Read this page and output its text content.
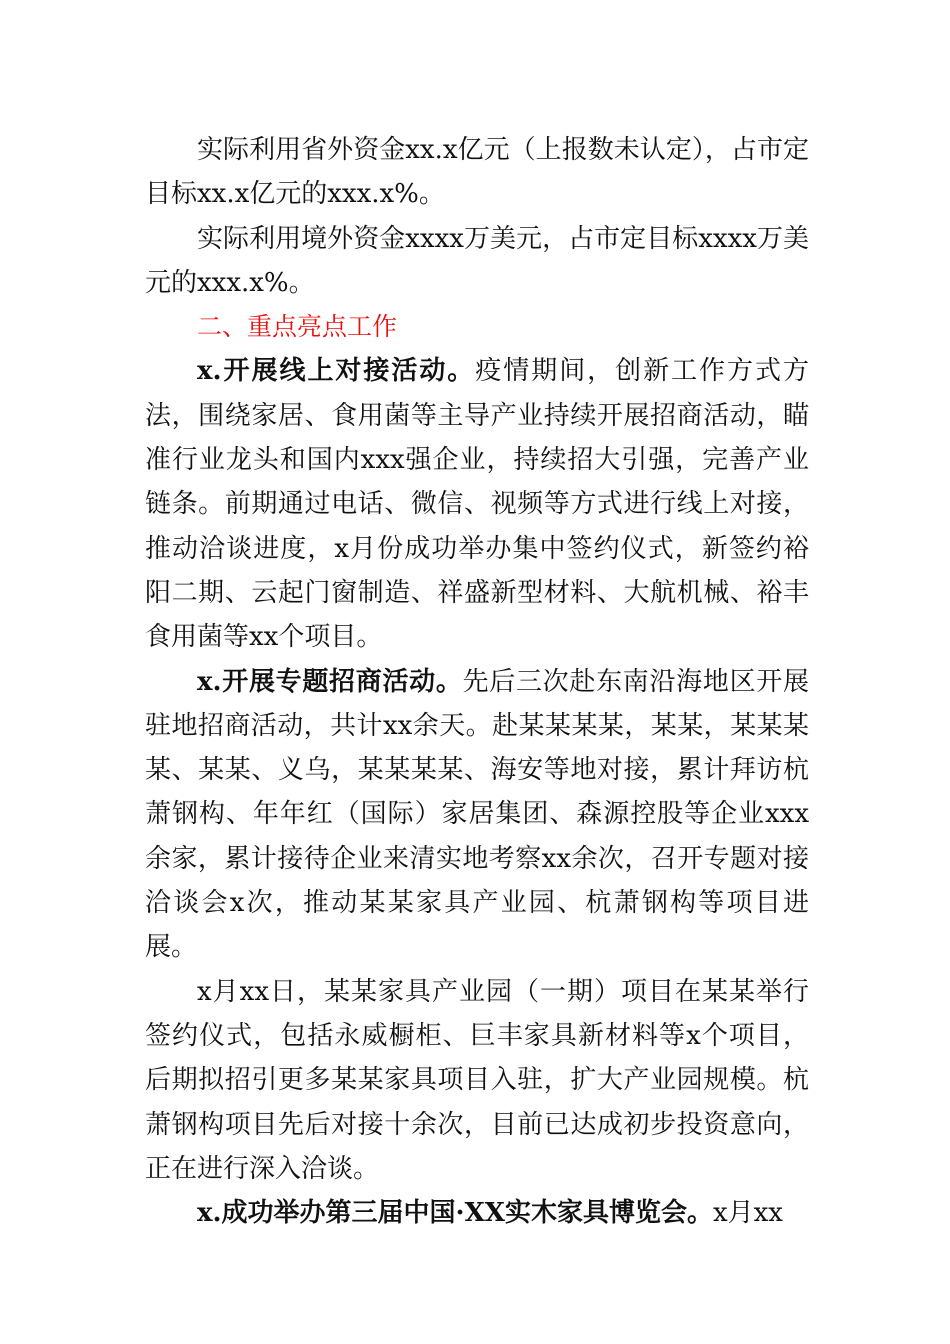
实际利用省外资金xx.x亿元（上报数未认定），占市定目标xx.x亿元的xxx.x%。

实际利用境外资金xxxx万美元，占市定目标xxxx万美元的xxx.x%。

二、重点亮点工作

x.开展线上对接活动。疫情期间，创新工作方式方法，围绕家居、食用菌等主导产业持续开展招商活动，瞄准行业龙头和国内xxx强企业，持续招大引强，完善产业链条。前期通过电话、微信、视频等方式进行线上对接，推动洽谈进度，x月份成功举办集中签约仪式，新签约裕阳二期、云起门窗制造、祥盛新型材料、大航机械、裕丰食用菌等xx个项目。

x.开展专题招商活动。先后三次赴东南沿海地区开展驻地招商活动，共计xx余天。赴某某某某，某某，某某某某、某某、义乌，某某某某、海安等地对接，累计拜访杭萧钢构、年年红（国际）家居集团、森源控股等企业xxx余家，累计接待企业来清实地考察xx余次，召开专题对接洽谈会x次，推动某某家具产业园、杭萧钢构等项目进展。

x月xx日，某某家具产业园（一期）项目在某某举行签约仪式，包括永威橱柜、巨丰家具新材料等x个项目，后期拟招引更多某某家具项目入驻，扩大产业园规模。杭萧钢构项目先后对接十余次，目前已达成初步投资意向，正在进行深入洽谈。

x.成功举办第三届中国·XX实木家具博览会。x月xx
